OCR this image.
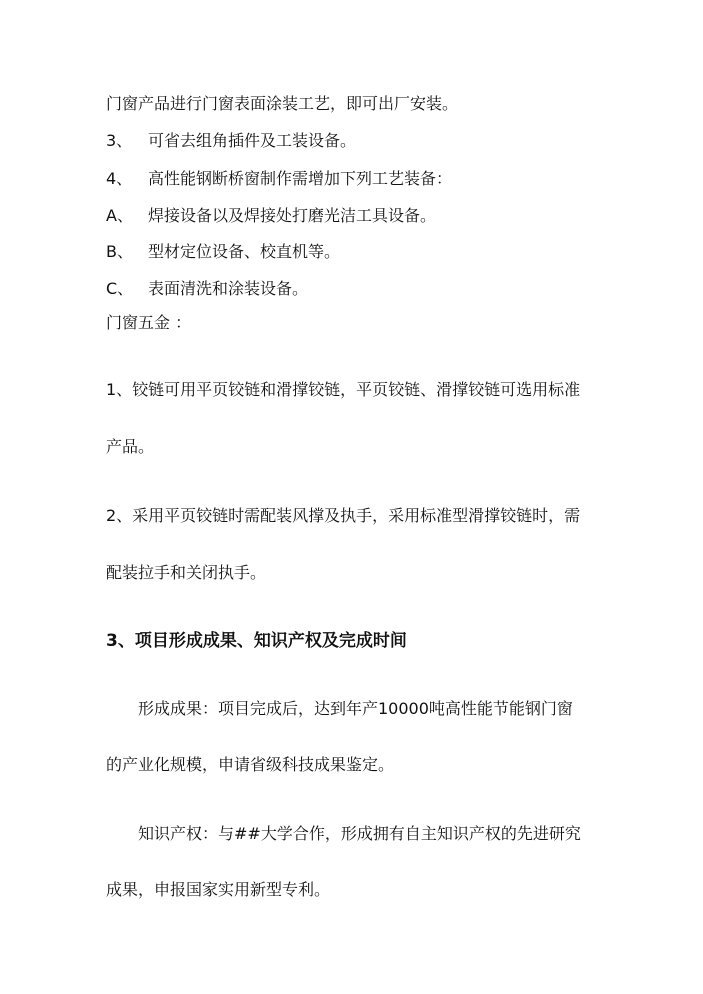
门窗产品进行门窗表面涂装工艺，即可出厂安装。
3、 可省去组角插件及工装设备。
4、 高性能钢断桥窗制作需增加下列工艺装备：
A、 焊接设备以及焊接处打磨光洁工具设备。
B、 型材定位设备、校直机等。
C、 表面清洗和涂装设备。
门窗五金 ：
1、铰链可用平页铰链和滑撑铰链，平页铰链、滑撑铰链可选用标准
产品。
2、采用平页铰链时需配装风撑及执手，采用标准型滑撑铰链时，需
配装拉手和关闭执手。
3、项目形成成果、知识产权及完成时间
形成成果：项目完成后，达到年产10000吨高性能节能钢门窗
的产业化规模，申请省级科技成果鉴定。
知识产权：与##大学合作，形成拥有自主知识产权的先进研究
成果，申报国家实用新型专利。
